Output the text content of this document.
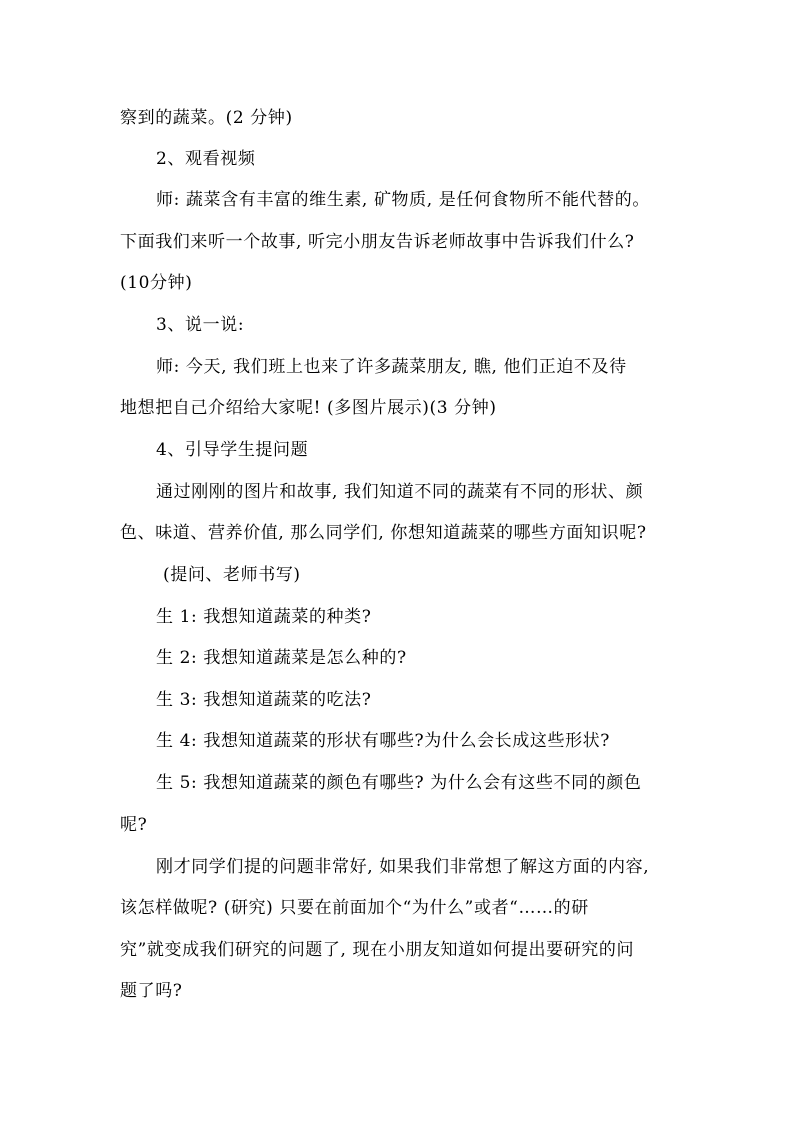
察到的蔬菜。(2 分钟)
2、观看视频
师: 蔬菜含有丰富的维生素, 矿物质, 是任何食物所不能代替的。
下面我们来听一个故事, 听完小朋友告诉老师故事中告诉我们什么?
(10分钟)
3、说一说:
师: 今天, 我们班上也来了许多蔬菜朋友, 瞧, 他们正迫不及待
地想把自己介绍给大家呢! (多图片展示)(3 分钟)
4、引导学生提问题
通过刚刚的图片和故事, 我们知道不同的蔬菜有不同的形状、颜
色、味道、营养价值, 那么同学们, 你想知道蔬菜的哪些方面知识呢?
(提问、老师书写)
生 1: 我想知道蔬菜的种类?
生 2: 我想知道蔬菜是怎么种的?
生 3: 我想知道蔬菜的吃法?
生 4: 我想知道蔬菜的形状有哪些?为什么会长成这些形状?
生 5: 我想知道蔬菜的颜色有哪些? 为什么会有这些不同的颜色
呢?
刚才同学们提的问题非常好, 如果我们非常想了解这方面的内容,
该怎样做呢? (研究) 只要在前面加个“为什么”或者“……的研
究”就变成我们研究的问题了, 现在小朋友知道如何提出要研究的问
题了吗?
